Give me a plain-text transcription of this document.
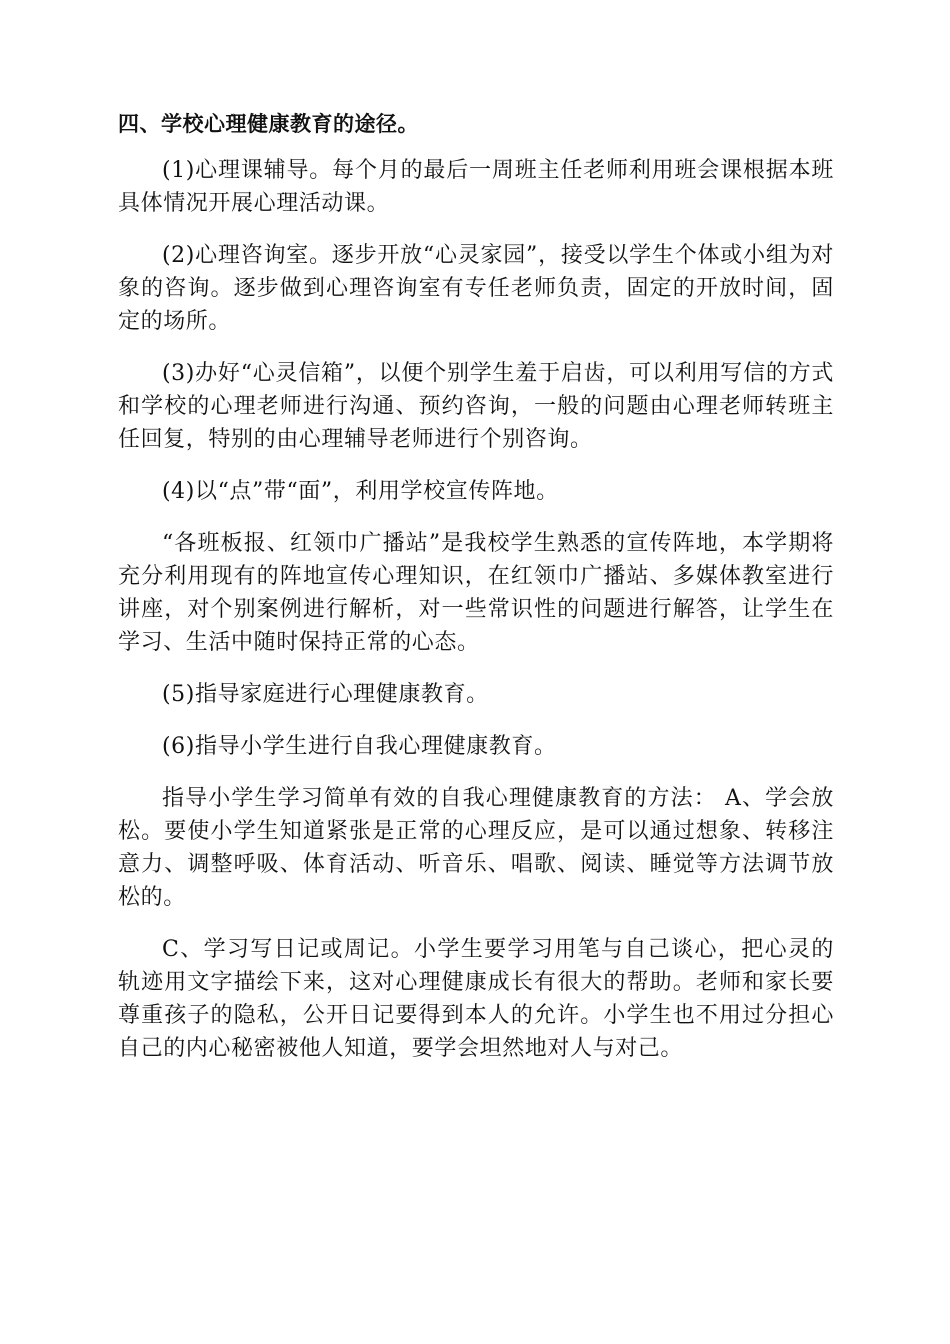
四、学校心理健康教育的途径。

(1)心理课辅导。每个月的最后一周班主任老师利用班会课根据本班具体情况开展心理活动课。

(2)心理咨询室。逐步开放“心灵家园”，接受以学生个体或小组为对象的咨询。逐步做到心理咨询室有专任老师负责，固定的开放时间，固定的场所。

(3)办好“心灵信箱”，以便个别学生羞于启齿，可以利用写信的方式和学校的心理老师进行沟通、预约咨询，一般的问题由心理老师转班主任回复，特别的由心理辅导老师进行个别咨询。

(4)以“点”带“面”，利用学校宣传阵地。

“各班板报、红领巾广播站”是我校学生熟悉的宣传阵地，本学期将充分利用现有的阵地宣传心理知识，在红领巾广播站、多媒体教室进行讲座，对个别案例进行解析，对一些常识性的问题进行解答，让学生在学习、生活中随时保持正常的心态。

(5)指导家庭进行心理健康教育。

(6)指导小学生进行自我心理健康教育。

指导小学生学习简单有效的自我心理健康教育的方法： A、学会放松。要使小学生知道紧张是正常的心理反应，是可以通过想象、转移注意力、调整呼吸、体育活动、听音乐、唱歌、阅读、睡觉等方法调节放松的。

C、学习写日记或周记。小学生要学习用笔与自己谈心，把心灵的轨迹用文字描绘下来，这对心理健康成长有很大的帮助。老师和家长要尊重孩子的隐私，公开日记要得到本人的允许。小学生也不用过分担心自己的内心秘密被他人知道，要学会坦然地对人与对己。
